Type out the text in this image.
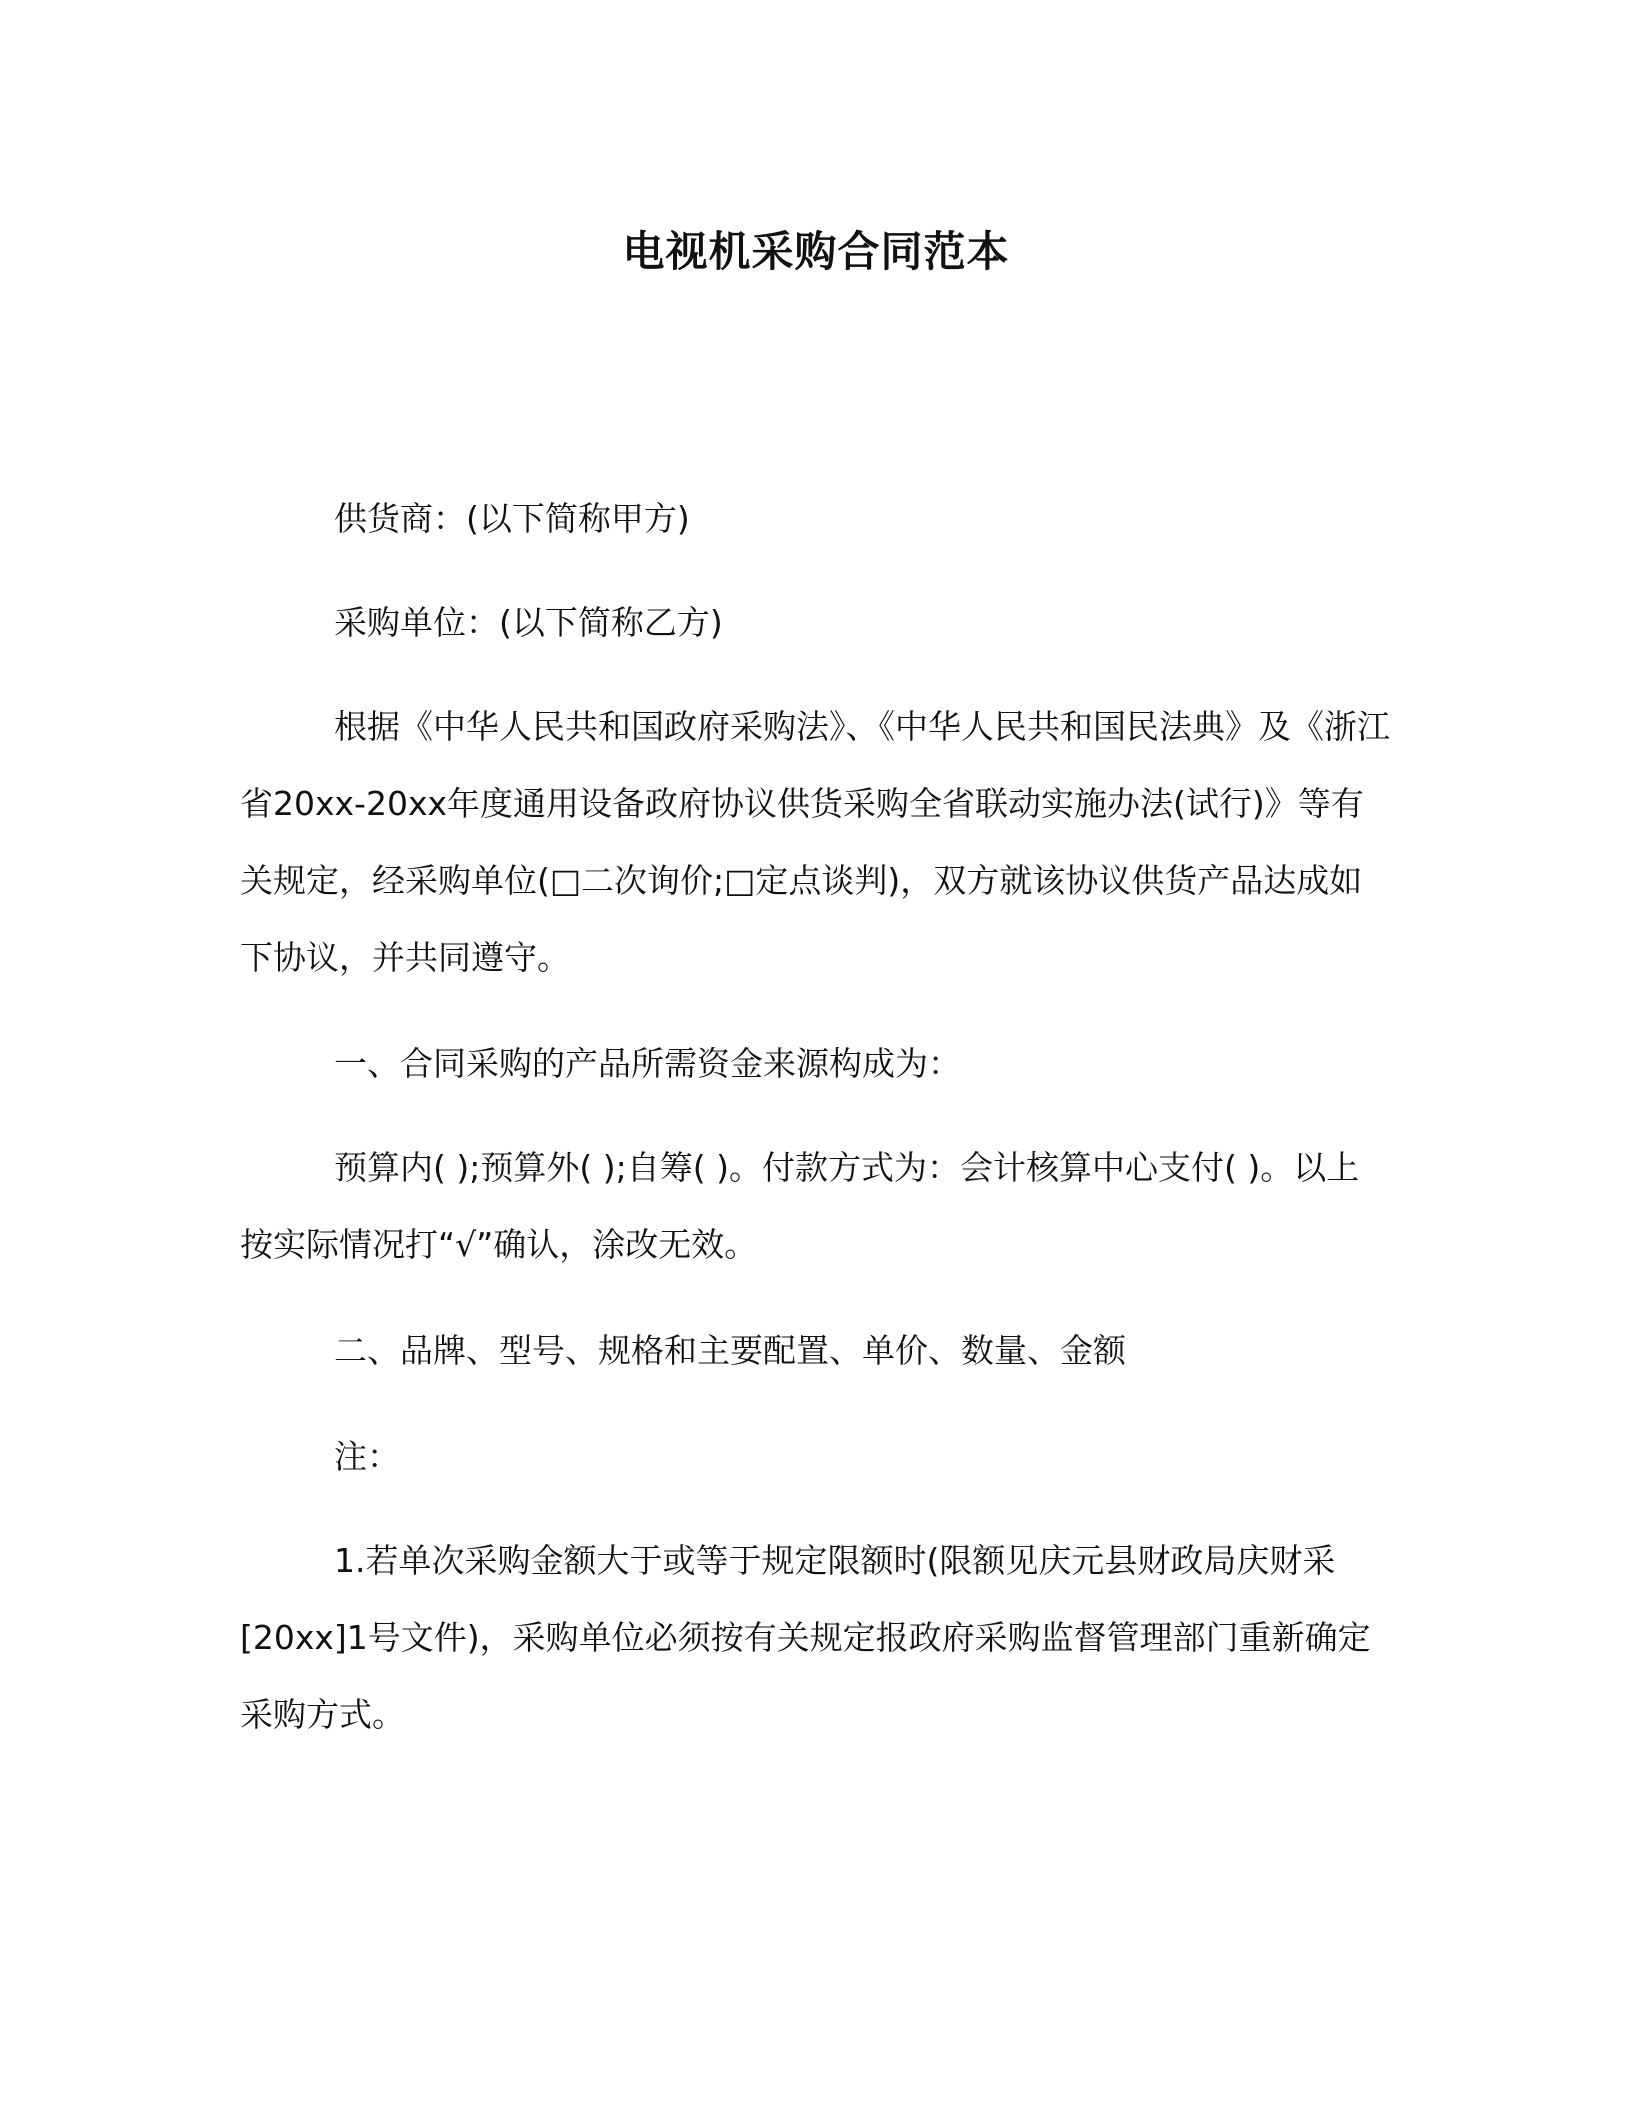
电视机采购合同范本

供货商：(以下简称甲方)

采购单位：(以下简称乙方)

根据《中华人民共和国政府采购法》、《中华人民共和国民法典》及《浙江省20xx-20xx年度通用设备政府协议供货采购全省联动实施办法(试行)》等有关规定，经采购单位(□二次询价;□定点谈判)，双方就该协议供货产品达成如下协议，并共同遵守。

一、合同采购的产品所需资金来源构成为：

预算内( );预算外( );自筹( )。付款方式为：会计核算中心支付( )。以上按实际情况打“√”确认，涂改无效。

二、品牌、型号、规格和主要配置、单价、数量、金额

注：

1.若单次采购金额大于或等于规定限额时(限额见庆元县财政局庆财采[20xx]1号文件)，采购单位必须按有关规定报政府采购监督管理部门重新确定采购方式。
